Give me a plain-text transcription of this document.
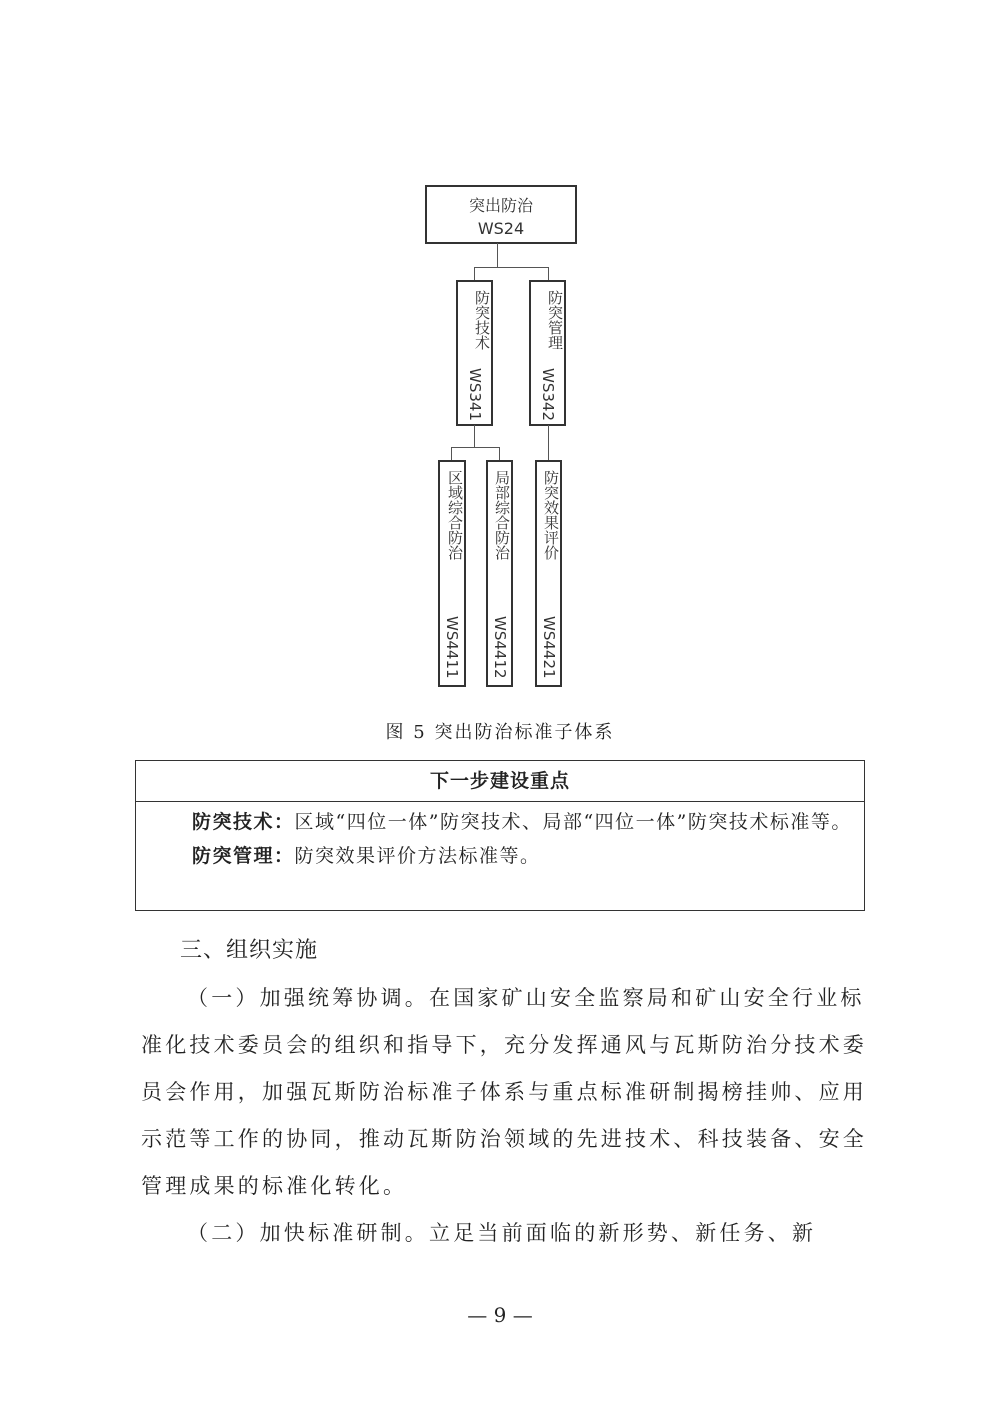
突出防治
WS24
防突技术
WS341
防突管理
WS342
区域综合防治
WS4411
局部综合防治
WS4412
防突效果评价
WS4421
图 5 突出防治标准子体系
下一步建设重点

防突技术：区域“四位一体”防突技术、局部“四位一体”防突技术标准等。

防突管理：防突效果评价方法标准等。

三、组织实施

（一）加强统筹协调。在国家矿山安全监察局和矿山安全行业标准化技术委员会的组织和指导下，充分发挥通风与瓦斯防治分技术委员会作用，加强瓦斯防治标准子体系与重点标准研制揭榜挂帅、应用示范等工作的协同，推动瓦斯防治领域的先进技术、科技装备、安全管理成果的标准化转化。

（二）加快标准研制。立足当前面临的新形势、新任务、新

— 9 —
